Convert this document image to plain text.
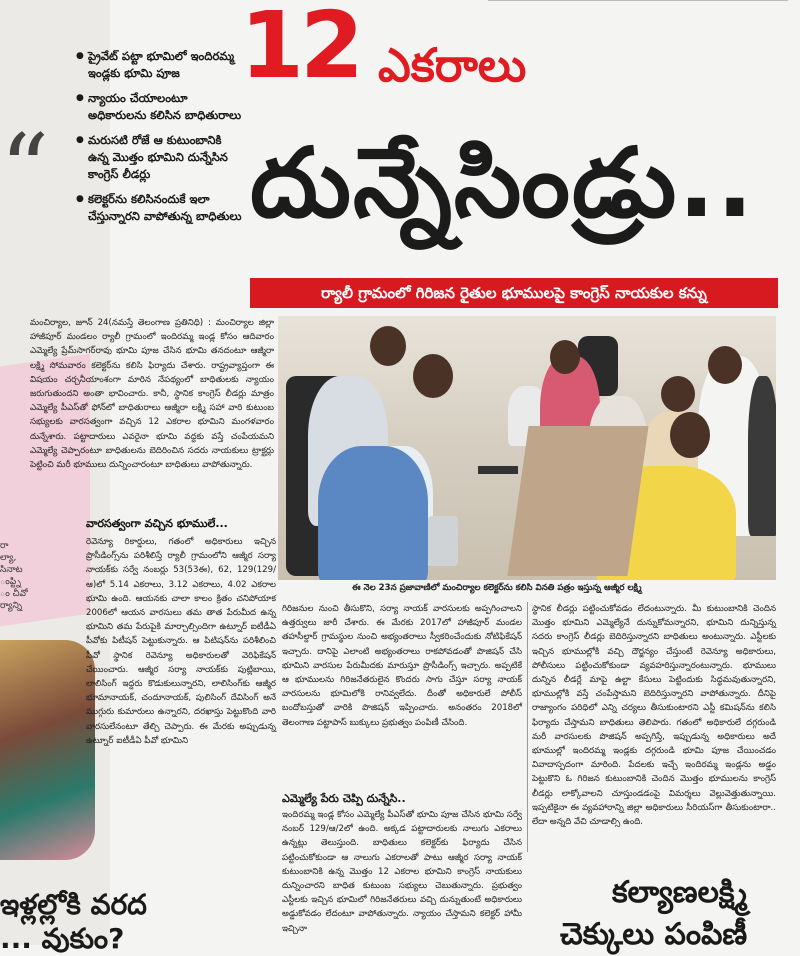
“
రా
ల్యా,
సినాట
ంప్ట్ని
ం చీవో
ర్యాన్ని
ఇళ్లల్లోకి వరద
... వుకుం?
12 ఎకరాలు
దున్నేసిండ్రు..
● ప్రైవేట్ పట్టా భూమిలో ఇందిరమ్మ ఇండ్లకు భూమి పూజ
● న్యాయం చేయాలంటూ అధికారులను కలిసిన బాధితురాలు
● మరుసటి రోజే ఆ కుటుంబానికి ఉన్న మొత్తం భూమిని దున్నేసిన కాంగ్రెస్ లీడర్లు
● కలెక్టర్‌ను కలిసినందుకే ఇలా చేస్తున్నారని వాపోతున్న బాధితులు
ర్యాలీ గ్రామంలో గిరిజన రైతుల భూములపై కాంగ్రెస్ నాయకుల కన్ను
మంచిర్యాల, జూన్ 24(నమస్తే తెలంగాణ ప్రతినిధి) : మంచిర్యాల జిల్లా హాజీపూర్ మండలం ర్యాలీ గ్రామంలో ఇందిరమ్మ ఇండ్ల కోసం ఆదివారం ఎమ్మెల్యే ప్రేమ్‌సాగర్‌రావు భూమి పూజ చేసిన భూమి తనదంటూ ఆజ్మీరా లక్ష్మి సోమవారం కలెక్టర్‌ను కలిసి ఫిర్యాదు చేశారు. రాష్ట్రవ్యాప్తంగా ఈ విషయం చర్చనీయాంశంగా మారిన నేపథ్యంలో బాధితులకు న్యాయం జరుగుతుందని అంతా భావించారు. కానీ, స్థానిక కాంగ్రెస్ లీడర్లు మాత్రం ఎమ్మెల్యే పీఎస్‌తో ఫోన్‌లో బాధితురాలు ఆజ్మీరా లక్ష్మి సహా వారి కుటుంబ సభ్యులకు వారసత్వంగా వచ్చిన 12 ఎకరాల భూమిని మంగళవారం దున్నేశారు. పట్టాదారులు ఎవరైనా భూమి వద్దకు వస్తే చంపేయమని ఎమ్మెల్యే చెప్పారంటూ బాధితులను బెదిరించిన సదరు నాయకులు ట్రాక్టర్లు పెట్టించి మరీ భూములు దున్నించారంటూ బాధితులు వాపోతున్నారు.
వారసత్వంగా వచ్చిన భూములే...
రెవెన్యూ రికార్డులు, గతంలో అధికారులు ఇచ్చిన ప్రొసీడింగ్స్‌ను పరిశీలిస్తే ర్యాలీ గ్రామంలోని ఆజ్మీర సర్యా నాయక్‌కు సర్వే నంబర్లు 53(53ఈ), 62, 129(129/ఆ)లో 5.14 ఎకరాలు, 3.12 ఎకరాలు, 4.02 ఎకరాల భూమి ఉంది. ఆయనకు చాలా కాలం క్రితం చనిపోయాక 2006లో ఆయన వారసులు తమ తాత పేరుమీద ఉన్న భూమిని తమ పేరుపైకి మార్చాల్సిందిగా ఉట్నూర్ ఐటీడీఏ పీవోకు పిటీషన్ పెట్టుకున్నారు. ఆ పిటిషన్‌ను పరిశీలించి పీవో స్థానిక రెవెన్యూ అధికారులతో వెరిఫికేషన్ చేయించారు. ఆజ్మీర సర్యా నాయక్‌కు పుట్లిబాయి, లాలిసింగ్ ఇద్దరు కొడుకులున్నారని, లాలిసింగ్‌కు ఆజ్మీర భూమానాయక్, చందూనాయక్, పులిసింగ్ దేవిసింగ్ అనే ముగ్గురు కుమారులు ఉన్నారని, దరఖాస్తు పెట్టుకొంది వారి వారసులేనంటూ తేల్చి చెప్పారు. ఈ మేరకు అప్పుడున్న ఉట్నూర్ ఐటీడీఏ పీవో భూమిని
ఈ నెల 23న ప్రజావాణిలో మంచిర్యాల కలెక్టర్‌ను కలిసి వినతి పత్రం ఇస్తున్న ఆజ్మీర లక్ష్మి
గిరిజనుల నుంచి తీసుకొని, సర్యా నాయక్ వారసులకు అప్పగించాలని ఉత్తర్వులు జారీ చేశారు. ఈ మేరకు 2017లో హాజీపూర్ మండల తహసీల్దార్ గ్రామస్థుల నుంచి అభ్యంతరాలు స్వీకరించేందుకు నోటిఫికేషన్ ఇచ్చారు. దానిపై ఎలాంటి అభ్యంతరాలు రాకపోవడంతో పొజిషన్ చేసి భూమిని వారసుల పేరుమీదకు మారుస్తూ ప్రొసీడింగ్స్ ఇచ్చారు. అప్పటికే ఆ భూములను గిరిజనేతరులైన కొందరు సాగు చేస్తూ సర్యా నాయక్ వారసులను భూమిలోకి రానివ్వలేదు. దీంతో అధికారులే పోలీస్ బందోబస్తుతో వారికి పొజిషన్ ఇప్పించారు. అనంతరం 2018లో తెలంగాణ పట్టాపాస్ బుక్కులు ప్రభుత్వం పంపిణీ చేసింది.
ఎమ్మెల్యే పేరు చెప్పి దున్నేసి..
ఇందిరమ్మ ఇండ్ల కోసం ఎమ్మెల్యే పీఎస్‌తో భూమి పూజ చేసిన భూమి సర్వే నంబర్ 129/ఆ/2లో ఉంది. అక్కడ పట్టాదారులకు నాలుగు ఎకరాలు ఉన్నట్లు తెలుస్తుంది. బాధితులు కలెక్టర్‌కు ఫిర్యాదు చేసిన పట్టించుకోకుండా ఆ నాలుగు ఎకరాలతో పాటు ఆజ్మీర సర్యా నాయక్ కుటుంబానికి ఉన్న మొత్తం 12 ఎకరాల భూమిని కాంగ్రెస్ నాయకులు దున్నించారని బాధిత కుటుంబ సభ్యులు చెబుతున్నారు. ప్రభుత్వం ఎస్టీలకు ఇచ్చిన భూమిలో గిరిజనేతరులు వచ్చి దున్నుతుంటే అధికారులు అడ్డుకోవడం లేదంటూ వాపోతున్నారు. న్యాయం చేస్తామని కలెక్టర్ హామీ ఇచ్చినా
స్థానిక లీడర్లు పట్టించుకోవడం లేదంటున్నారు. మీ కుటుంబానికి చెందిన మొత్తం భూమిని ఎమ్మెల్యేనే దున్నుకోమన్నారని, భూమిని దున్నిస్తున్న సదరు కాంగ్రెస్ లీడర్లు బెదిరిస్తున్నారని బాధితులు అంటున్నారు. ఎస్టీలకు ఇచ్చిన భూముల్లోకి వచ్చి దౌర్జన్యం చేస్తుంటే రెవెన్యూ అధికారులు, పోలీసులు పట్టించుకోకుండా వ్యవహరిస్తున్నారంటున్నారు. భూములు దున్నిన లీడర్లే మాపై ఉల్టా కేసులు పెట్టిందుకు సిద్ధమవుతున్నారని, భూముల్లోకి వస్తే చంపేస్తామని బెదిరిస్తున్నారని వాపోతున్నారు. దీనిపై రాజ్యాంగం పరిధిలో ఎన్ని చర్యలు తీసుకుంటారని ఎస్టీ కమిషన్‌ను కలిసి ఫిర్యాదు చేస్తామని బాధితులు తెలిపారు. గతంలో అధికారులే దగ్గరుండి మరీ వారసులకు పొజిషన్ అప్పగిస్తే, ఇప్పుడున్న అధికారులు అదే భూముల్లో ఇందిరమ్మ ఇండ్లకు దగ్గరుండి భూమి పూజ చేయించడం వివాదాస్పదంగా మారింది. పేదలకు ఇచ్చే ఇందిరమ్మ ఇండ్లను అడ్డం పెట్టుకొని ఓ గిరిజన కుటుంబానికి చెందిన మొత్తం భూములను కాంగ్రెస్ లీడర్లు లాక్కోవాలని చూస్తుండడంపై విమర్శలు వెల్లువెత్తుతున్నాయి. ఇప్పటికైనా ఈ వ్యవహారాన్ని జిల్లా అధికారులు సీరియస్‌గా తీసుకుంటారా.. లేదా అన్నది వేచి చూడాల్సి ఉంది.
కల్యాణలక్ష్మి
చెక్కులు పంపిణీ
